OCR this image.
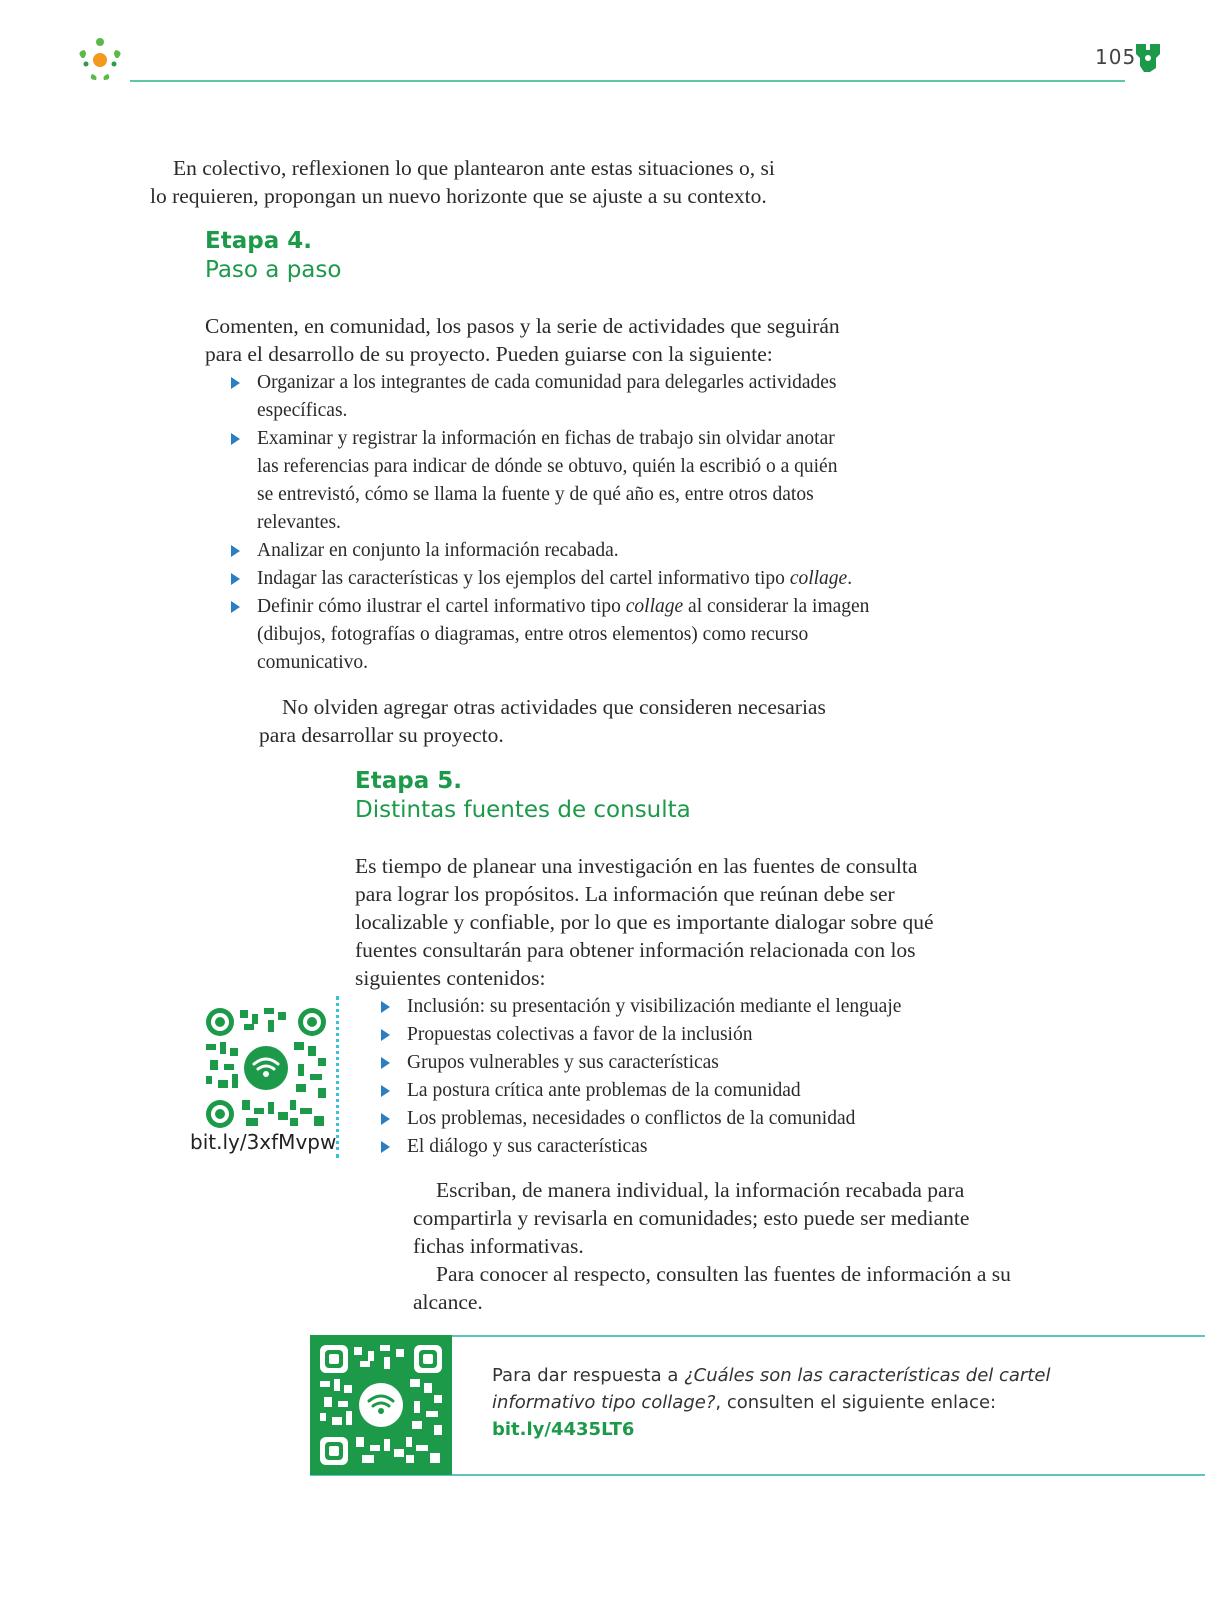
105

En colectivo, reflexionen lo que plantearon ante estas situaciones o, si

lo requieren, propongan un nuevo horizonte que se ajuste a su contexto.

Etapa 4.

Paso a paso

Comenten, en comunidad, los pasos y la serie de actividades que seguirán

para el desarrollo de su proyecto. Pueden guiarse con la siguiente:

Organizar a los integrantes de cada comunidad para delegarles actividades
específicas.
Examinar y registrar la información en fichas de trabajo sin olvidar anotar
las referencias para indicar de dónde se obtuvo, quién la escribió o a quién
se entrevistó, cómo se llama la fuente y de qué año es, entre otros datos
relevantes.
Analizar en conjunto la información recabada.
Indagar las características y los ejemplos del cartel informativo tipo collage.
Definir cómo ilustrar el cartel informativo tipo collage al considerar la imagen
(dibujos, fotografías o diagramas, entre otros elementos) como recurso
comunicativo.

No olviden agregar otras actividades que consideren necesarias

para desarrollar su proyecto.

Etapa 5.

Distintas fuentes de consulta

Es tiempo de planear una investigación en las fuentes de consulta

para lograr los propósitos. La información que reúnan debe ser

localizable y confiable, por lo que es importante dialogar sobre qué

fuentes consultarán para obtener información relacionada con los

siguientes contenidos:

bit.ly/3xfMvpw
Inclusión: su presentación y visibilización mediante el lenguaje
Propuestas colectivas a favor de la inclusión
Grupos vulnerables y sus características
La postura crítica ante problemas de la comunidad
Los problemas, necesidades o conflictos de la comunidad
El diálogo y sus características

Escriban, de manera individual, la información recabada para

compartirla y revisarla en comunidades; esto puede ser mediante

fichas informativas.

Para conocer al respecto, consulten las fuentes de información a su

alcance.

Para dar respuesta a ¿Cuáles son las características del cartel informativo tipo collage?, consulten el siguiente enlace:
bit.ly/4435LT6
